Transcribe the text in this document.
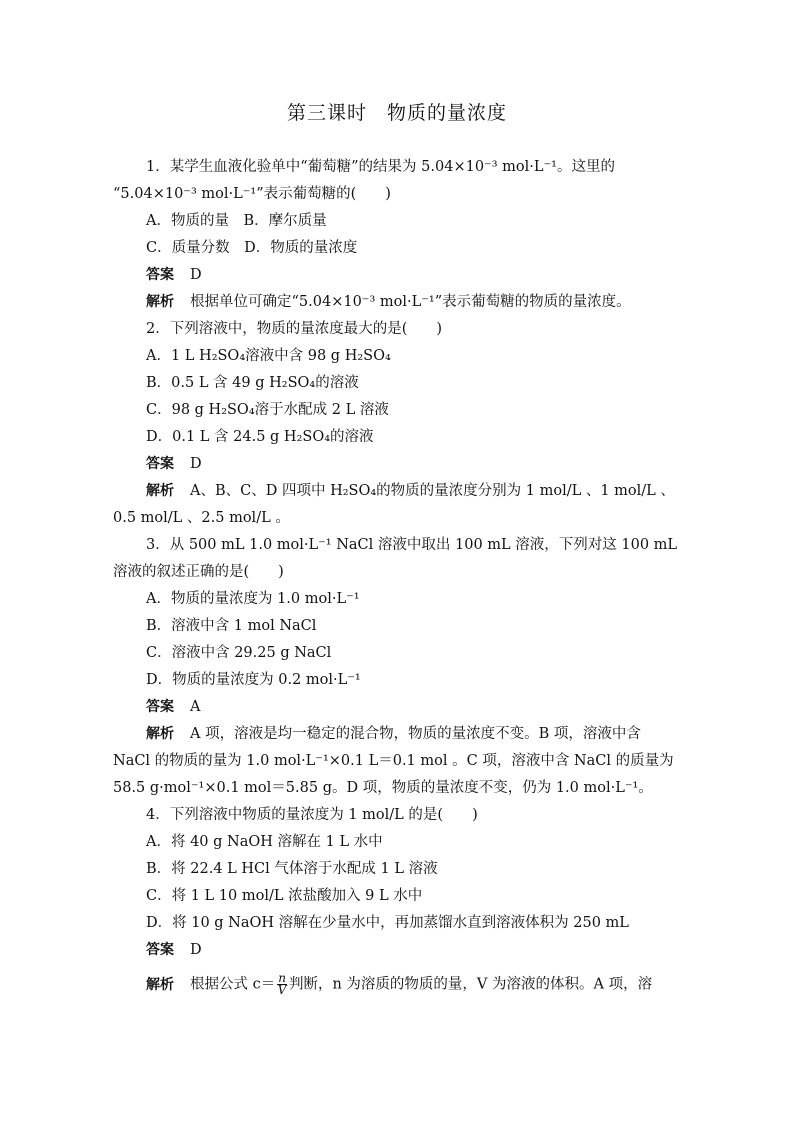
第三课时　物质的量浓度
1．某学生血液化验单中“葡萄糖”的结果为 5.04×10⁻³ mol·L⁻¹。这里的
“5.04×10⁻³ mol·L⁻¹”表示葡萄糖的(　　)
A．物质的量　B．摩尔质量
C．质量分数　D．物质的量浓度
答案 D
解析 根据单位可确定“5.04×10⁻³ mol·L⁻¹”表示葡萄糖的物质的量浓度。
2．下列溶液中，物质的量浓度最大的是(　　)
A．1 L H₂SO₄溶液中含 98 g H₂SO₄
B．0.5 L 含 49 g H₂SO₄的溶液
C．98 g H₂SO₄溶于水配成 2 L 溶液
D．0.1 L 含 24.5 g H₂SO₄的溶液
答案 D
解析 A、B、C、D 四项中 H₂SO₄的物质的量浓度分别为 1 mol/L 、1 mol/L 、
0.5 mol/L 、2.5 mol/L 。
3．从 500 mL 1.0 mol·L⁻¹ NaCl 溶液中取出 100 mL 溶液，下列对这 100 mL
溶液的叙述正确的是(　　)
A．物质的量浓度为 1.0 mol·L⁻¹
B．溶液中含 1 mol NaCl
C．溶液中含 29.25 g NaCl
D．物质的量浓度为 0.2 mol·L⁻¹
答案 A
解析 A 项，溶液是均一稳定的混合物，物质的量浓度不变。B 项，溶液中含
NaCl 的物质的量为 1.0 mol·L⁻¹×0.1 L＝0.1 mol 。C 项，溶液中含 NaCl 的质量为
58.5 g·mol⁻¹×0.1 mol＝5.85 g。D 项，物质的量浓度不变，仍为 1.0 mol·L⁻¹。
4．下列溶液中物质的量浓度为 1 mol/L 的是(　　)
A．将 40 g NaOH 溶解在 1 L 水中
B．将 22.4 L HCl 气体溶于水配成 1 L 溶液
C．将 1 L 10 mol/L 浓盐酸加入 9 L 水中
D．将 10 g NaOH 溶解在少量水中，再加蒸馏水直到溶液体积为 250 mL
答案 D
解析 根据公式 $c= \frac{n}{V}$ 判断，n 为溶质的物质的量，V 为溶液的体积。A 项，溶
